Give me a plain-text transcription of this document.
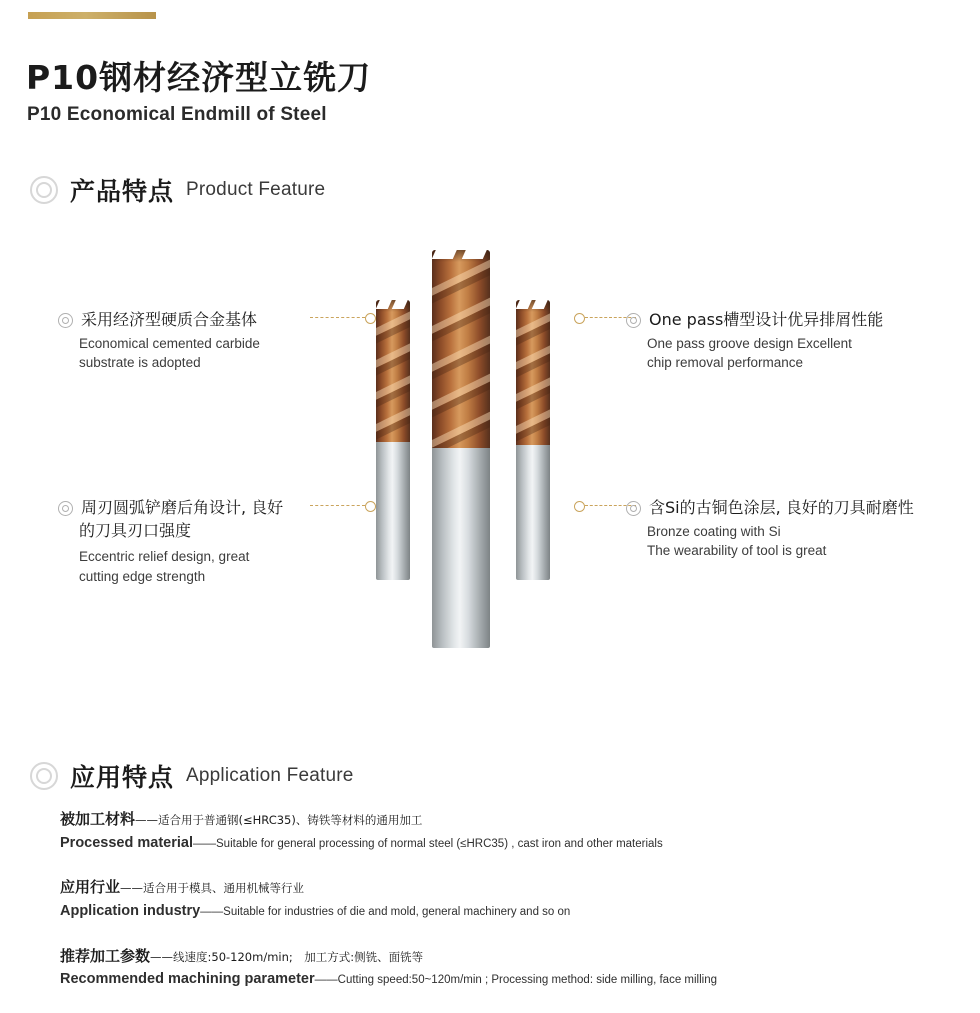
P10钢材经济型立铣刀
P10 Economical Endmill of Steel
产品特点 Product Feature
采用经济型硬质合金基体
Economical cemented carbide
substrate is adopted
One pass槽型设计优异排屑性能
One pass groove design Excellent
chip removal performance
周刃圆弧铲磨后角设计, 良好
的刀具刃口强度
Eccentric relief design, great
cutting edge strength
含Si的古铜色涂层, 良好的刀具耐磨性
Bronze coating with Si
The wearability of tool is great
应用特点 Application Feature
被加工材料——适合用于普通钢(≤HRC35)、铸铁等材料的通用加工
Processed material——Suitable for general processing of normal steel (≤HRC35) , cast iron and other materials
应用行业——适合用于模具、通用机械等行业
Application industry——Suitable for industries of die and mold, general machinery and so on
推荐加工参数——线速度:50-120m/min;　加工方式:侧铣、面铣等
Recommended machining parameter——Cutting speed:50~120m/min ; Processing method: side milling, face milling
